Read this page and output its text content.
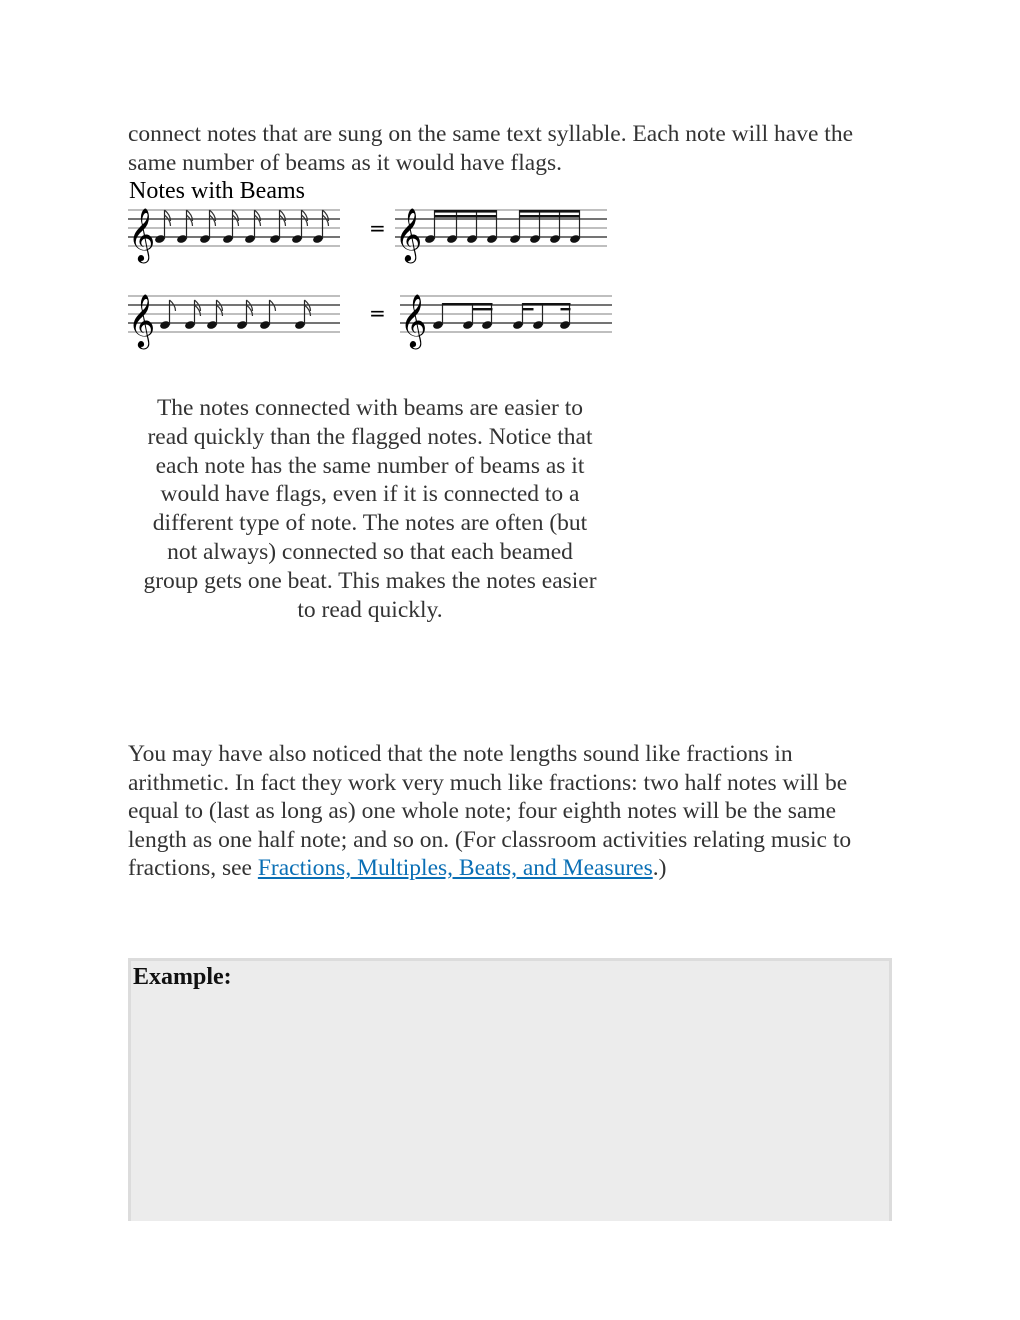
connect notes that are sung on the same text syllable. Each note will have the same number of beams as it would have flags.

Notes with Beams
𝄞	𝄞
𝄞	𝄞
=
=
The notes connected with beams are easier to read quickly than the flagged notes. Notice that each note has the same number of beams as it would have flags, even if it is connected to a different type of note. The notes are often (but not always) connected so that each beamed group gets one beat. This makes the notes easier to read quickly.

You may have also noticed that the note lengths sound like fractions in arithmetic. In fact they work very much like fractions: two half notes will be equal to (last as long as) one whole note; four eighth notes will be the same length as one half note; and so on. (For classroom activities relating music to fractions, see Fractions, Multiples, Beats, and Measures.)

Example:
